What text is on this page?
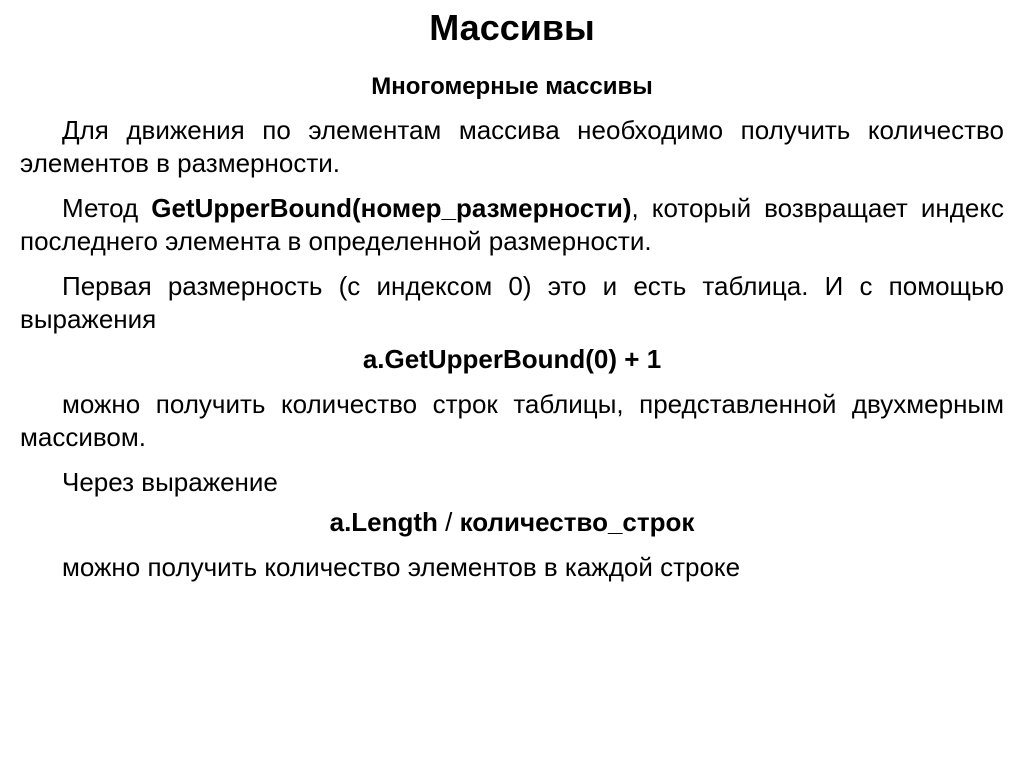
Массивы
Многомерные массивы

Для движения по элементам массива необходимо получить количество элементов в размерности.

Метод GetUpperBound(номер_размерности), который возвращает индекс последнего элемента в определенной размерности.

Первая размерность (с индексом 0) это и есть таблица. И с помощью выражения

a.GetUpperBound(0) + 1

можно получить количество строк таблицы, представленной двухмерным массивом.

Через выражение

a.Length / количество_строк

можно получить количество элементов в каждой строке
